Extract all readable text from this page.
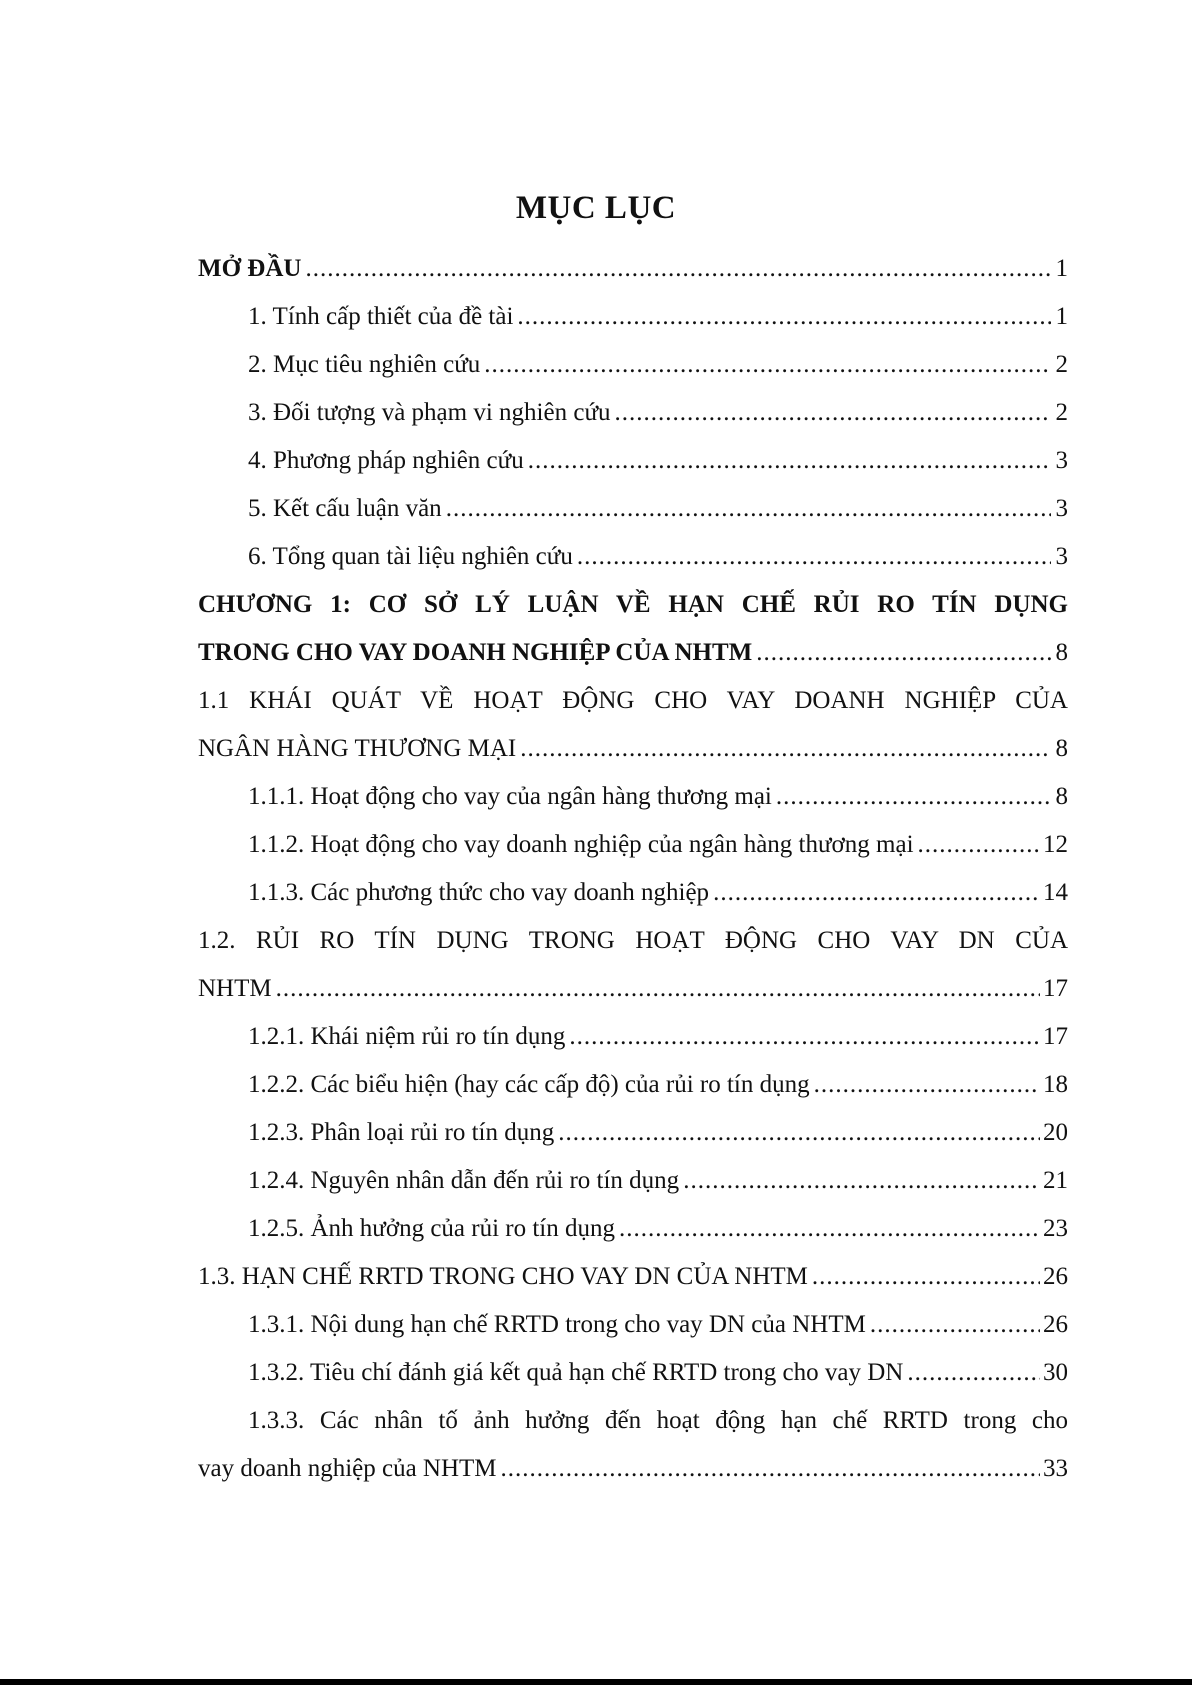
MỤC LỤC
MỞ ĐẦU .....	1
1. Tính cấp thiết của đề tài .....	1
2. Mục tiêu nghiên cứu .....	2
3. Đối tượng và phạm vi nghiên cứu .....	2
4. Phương pháp nghiên cứu .....	3
5. Kết cấu luận văn .....	3
6. Tổng quan tài liệu nghiên cứu .....	3
CHƯƠNG 1: CƠ SỞ LÝ LUẬN VỀ HẠN CHẾ RỦI RO TÍN DỤNG
TRONG CHO VAY DOANH NGHIỆP CỦA NHTM .....	8
1.1 KHÁI QUÁT VỀ HOẠT ĐỘNG CHO VAY DOANH NGHIỆP CỦA
NGÂN HÀNG THƯƠNG MẠI .....	8
1.1.1. Hoạt động cho vay của ngân hàng thương mại .....	8
1.1.2. Hoạt động cho vay doanh nghiệp của ngân hàng thương mại .....	12
1.1.3. Các phương thức cho vay doanh nghiệp .....	14
1.2. RỦI RO TÍN DỤNG TRONG HOẠT ĐỘNG CHO VAY DN CỦA
NHTM .....	17
1.2.1. Khái niệm rủi ro tín dụng .....	17
1.2.2. Các biểu hiện (hay các cấp độ) của rủi ro tín dụng .....	18
1.2.3. Phân loại rủi ro tín dụng .....	20
1.2.4. Nguyên nhân dẫn đến rủi ro tín dụng .....	21
1.2.5. Ảnh hưởng của rủi ro tín dụng .....	23
1.3. HẠN CHẾ RRTD TRONG CHO VAY DN CỦA NHTM .....	26
1.3.1. Nội dung hạn chế RRTD trong cho vay DN của NHTM .....	26
1.3.2. Tiêu chí đánh giá kết quả hạn chế RRTD trong cho vay DN .....	30
1.3.3. Các nhân tố ảnh hưởng đến hoạt động hạn chế RRTD trong cho
vay doanh nghiệp của NHTM .....	33
